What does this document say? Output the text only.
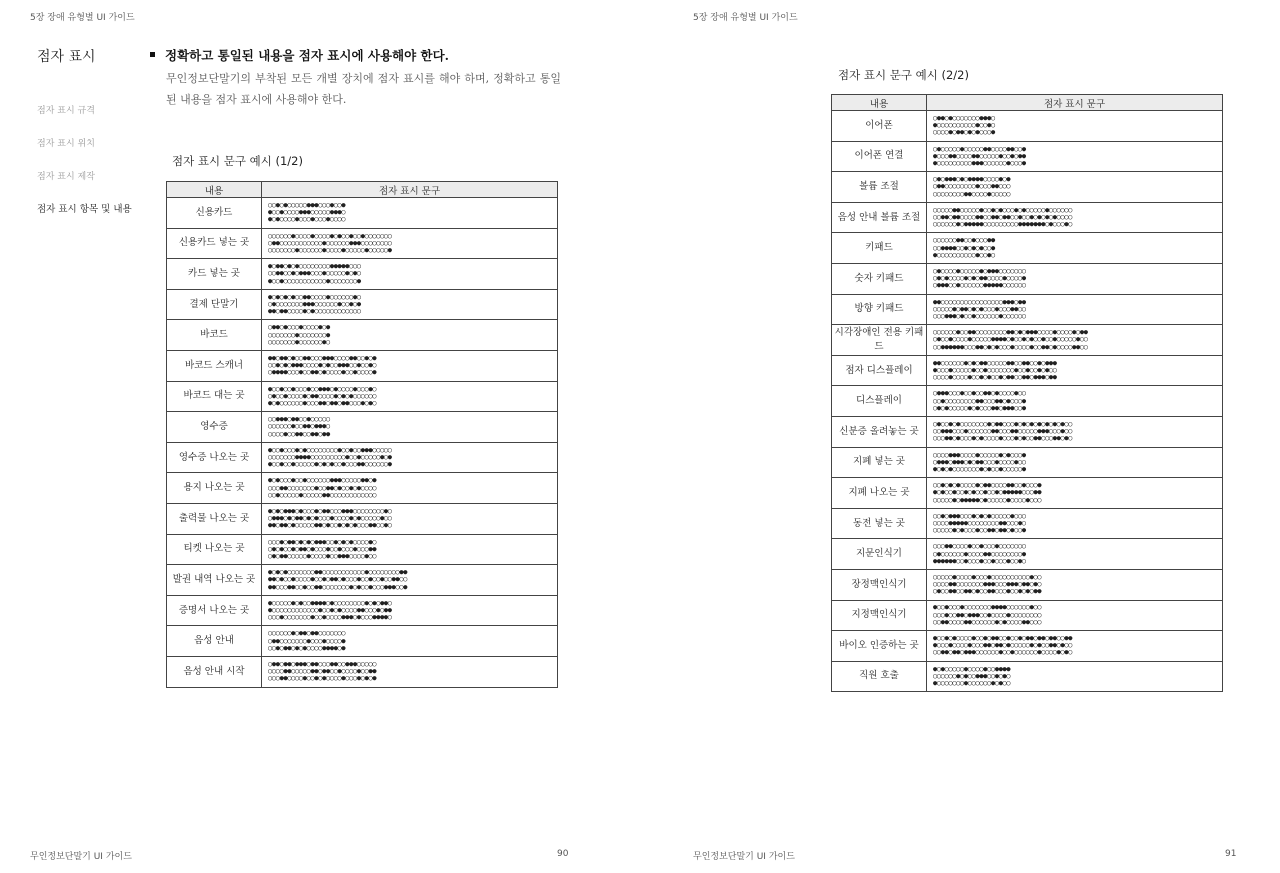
5장 장애 유형별 UI 가이드
점자 표시
점자 표시 규격
점자 표시 위치
점자 표시 제작
점자 표시 항목 및 내용
정확하고 통일된 내용을 점자 표시에 사용해야 한다.
무인정보단말기의 부착된 모든 개별 장치에 점자 표시를 해야 하며, 정확하고 통일된 내용을 점자 표시에 사용해야 한다.
점자 표시 문구 예시 (1/2)
내용	점자 표시 문구
신용카드	○○●○●○○○○○●●●○○○●○○●
●○○●○○○○●●●○○○○○●●●○
●○●○○○○●○○○●○○○●○○○○

신용카드 넣는 곳	○○○○○○●○○○○●○○○○●○●○○●○○●○○○○○○○
○●●○○○○○○○○○○○●○○○○○○●●●○○○○○○○○
○○○○○○○●○○○○○○●○○○○●○○○○○●○○○○○●

카드 넣는 곳	●○●●○●○●○○○○○○○○●●●●●○○○
○○●●○○●○●●●○○○●○○○○○●○●○
●○○●○○○○○○○○○○○●○○○○○○○●

결제 단말기	●○●○●○●○○●●○○○○●○○○○○○●○
○●○○○○○○○●●●○○○○○○●○○●○●
●●○●●○○○○●○●○○○○○○○○○○○○

바코드	○●●○●○○○●○○○○●○●
○○○○○○○●○○○○○○○●
○○○○○○○●○○○○○○●○

바코드 스캐너	●●○●●○●○○●●○○○●●●○○○○●●○○●○●
○○●○●○●●●○○○○●○●○○●●●○○●○○●○
○●●●●○○○●○○●●○●○○○○●○○●○○○○●

바코드 대는 곳	●○○●○○●○○○●○○●●●○●○○○○●○○○●○
○●○○●○○○○●○●●○○○○●○●○●○○○○○○
●○●○○○○○○●○○○●●○●●○●●○○○●○●○

영수증	○○●●●○●●○○●○○○○○
○○○○○○●○○●●○●●●○
○○○○●○○●●○○●●○●●

영수증 나오는 곳	●○○●○○○●○●○○○○○○○○●○○●○○●●●○○○○○
○○○○○○○●●●●○○○○○○○○○●○○●○○○○○●○●
●○○●○○●○○○○○●○●○●○○●○○○●●○○○○○○●

용지 나오는 곳	●○●○○○●○○●○○○○○○●●●○○○○○●●○●
○○○●●○○○○○○○●○○●●○●○○●○●○○○○
○○●○○○○○●○○○○○●●○○○○○○○○○○○○

출력물 나오는 곳	●○●○●●●○●○○○●○●●○○○●●●○○○○○○○○●○
○●●●○●○●●○●○●○○○●○○○○●○●○○○○○●○○
●●○●●○●○○○○○●●○●○○●○●○●○○○●●○○●○

티켓 나오는 곳	○○○●○●●○●○●○●●●○○●○●○●○○○○●○
○●○●○○●○●●○●○○○●○○●○○○●○○○●●
○●○●●○○○○○●○○○○●○○●●●○○○○●○○

발권 내역 나오는 곳	●○●○●○○○○○○○●●○○○○○○○○○○○●○○○○○○○○●●
●●○●○○●○○○○●○○●○●●○●○○○●○○●○○●○○●●○○
●●○○○●●○○●○○●●○○○○○○○●○●○○●○○○●●●○○●

증명서 나오는 곳	●○○○○○●○●○○●●●●○●○○○○○○○○●○●○●●○
●○○○○○○○○○○○○●○○●○●○○○○●●○○○●○●●
○○○●○○○○○○○●○○●○○○○●●●○●○○○●●●●○

음성 안내	○○○○○○●○●●○●●○○○○○○○
○●●○○○○○○○●○○○●○○○○●
○○●○●●○●○●○○○○●●●●○●

음성 안내 시작	○●●○●●○●●●○●●○○○●●○○●●●○○○○○
○○○○●●○○○○○●●○●●○○●○○○○●○○●●
○○○●●○○○○●○○●○●○○○○●○○○●○●○●
무인정보단말기 UI 가이드	90
5장 장애 유형별 UI 가이드
점자 표시 문구 예시 (2/2)
내용	점자 표시 문구
이어폰	○●●○●○○○○○○○●●●○
●○○○○○○○○○○●○○●○
○○○○●○●●○●○●○○○●

이어폰 연결	○●○○○○○●○○○○○●●○○○○●●○○●
●○○○●●○○○○●●○○○○○●○○●○●●
●○○○○○○○○○●●●○○○○○○●○○○●

볼륨 조절	○●○●●●○●○●●●●○○○○●○●
○●●○○○○○○○○●○○○●●○○○
○○○○○○○○●●○○○○●○○○○○

음성 안내 볼륨 조절	○○○○○●●○○○○○●○○●○●○○○●○●○○○○○●○○○○○○
○○●●○●●○○○○●●○○●●○●●○○●○○●○●○●○●○○○○
○○○○○○●○●●●●●○○○○○○○○○●●●●●●●○●○○○●○

키패드	○○○○○○●●○○●○○○●●
○○●●●●○○●○●○●○○●
●○○○○○○○○○○●○○●○

숫자 키패드	○●○○○○●○○○○○●○●●●○○○○○○○
○●○●○○○○●○●○●●○○○○●○○○○●
○●●●○○●○○○○○○●●●●●○○○○○○

방향 키패드	●●○○○○○○○○○○○○○○○○●●●○●●
○○○○○●○●●○●○●○○○●○○○●●○○
○○○●●●○●○○●○○○○○○●○○○○○○

시각장애인 전용 키패드	○○○○○○●○○●●○○○○○○○○●●○●○●●●○○○○●○○○○●○●●
○●○○●○○○○●○○○○○●●●●○●○○●○●○○●○○●○○○○○●○○
○○●●●●●●○○○●●○●○●○○○●○○○○●○○●●○●○○○○●●○○

점자 디스플레이	●●○○○○○○●○●○●●○○○○○●●○○●●○○●○●●●
●○○○●○○○○○●○○●○○○○○○○●○○●○○●○●○○
○○○○●○○○○●○○●○●○○●○●●○○●●○●●●○●●

디스플레이	○●●●○○○●○○●○○●●○●○○○○●○○
○○●○○○○○○○○●●○○○●●○●○○○●
○●○●○○○○○●○●○○○●●○●●●○○●

신분증 올려놓는 곳	○●○○●○●○○○○○○○●○●●○○○●○●○●○●○●○●○●○○
○○●●●○○○●○○○○○○●●○○○●●○○○○○●●●○○○●○○
○○○●●○●○○○●○●○○○○●○○○●○●○○●●○○○●●○●○

지폐 넣는 곳	○○○○●●●○○○○●○○○○○●○●○○○●
○●●●○●●●○●○●●○○○●○○○○●○○
●○●○●○○○○○○○●○●○○●○○○○○●

지폐 나오는 곳	○○●○●○●○○○○●○●●○○○○●●○○●○○○●
●○●○○●○○●○●○○●○○●○●●●●●○○○●●
○○○○○●○●●●●●○●○○○○○●○○○○●○○○

동전 넣는 곳	○○●○●●●○○○●○●○●○○○○○●○○○
○○○○●●●●●○○○○○○○○●●○○○●○
○○○○○●○●○○○●○○●●○●●○●○○●

지문인식기	○○○●●○○○○●○○●○○○●○○○○○○○
○●○○○○○○●○○○○●●○○○○○○○○●
●●●●●●○○●○○○●○○●○○○●○○●○

장정맥인식기	○○○○○●○○○○●○○○●○○○○○○○○○○●○○
○○○○●●○○○○○○○●●●○○○●●●○●●○●○
○●○○●●○○●●○●○○●●○○○●○○●○●○●●

지정맥인식기	●○○●○○○●○○○○○○○●●●●○○○○○○●○○
○○○●○○●●○●●●○○●○○○○●○○○○○○○○
○○●●○○○○●●○○○○○○●○●○○○○●●○○○

바이오 인증하는 곳	●○○●○●○○○○●○○●○●●○○●○○●○●●○●●○●●○○●●
●○○○●○○○○●○○○●●○●●○●○○○○○●○●○○●●○●○○
○○●●○●●○●●●○○○○○○●○○●○○○○○○●○○○○●○●○

직원 호출	●○●○○○○○●○○○○●○○●●●●
○○○○○○●○●○○●●●○○●○●○
●○○○○○○○●○○○○○○●○●○○
무인정보단말기 UI 가이드	91
